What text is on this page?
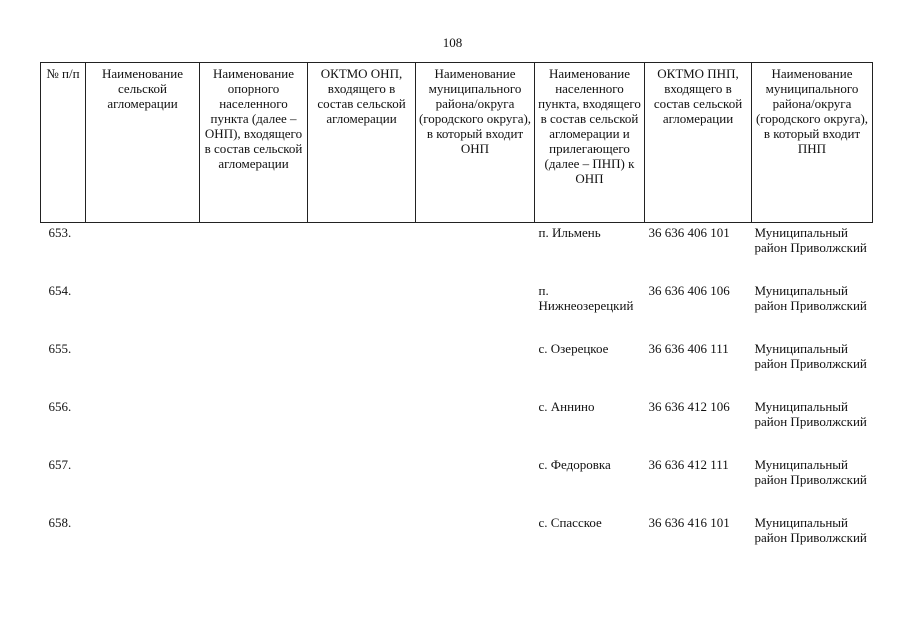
108
№ п/п	Наименование сельской агломерации	Наименование опорного населенного пункта (далее – ОНП), входящего в состав сельской агломерации	ОКТМО ОНП, входящего в состав сельской агломерации	Наименование муниципального района/округа (городского округа), в который входит ОНП	Наименование населенного пункта, входящего в состав сельской агломерации и прилегающего (далее – ПНП) к ОНП	ОКТМО ПНП, входящего в состав сельской агломерации	Наименование муниципального района/округа (городского округа), в который входит ПНП
653.					п. Ильмень	36 636 406 101	Муниципальный район Приволжский
654.					п. Нижнеозерецкий	36 636 406 106	Муниципальный район Приволжский
655.					с. Озерецкое	36 636 406 111	Муниципальный район Приволжский
656.					с. Аннино	36 636 412 106	Муниципальный район Приволжский
657.					с. Федоровка	36 636 412 111	Муниципальный район Приволжский
658.					с. Спасское	36 636 416 101	Муниципальный район Приволжский
